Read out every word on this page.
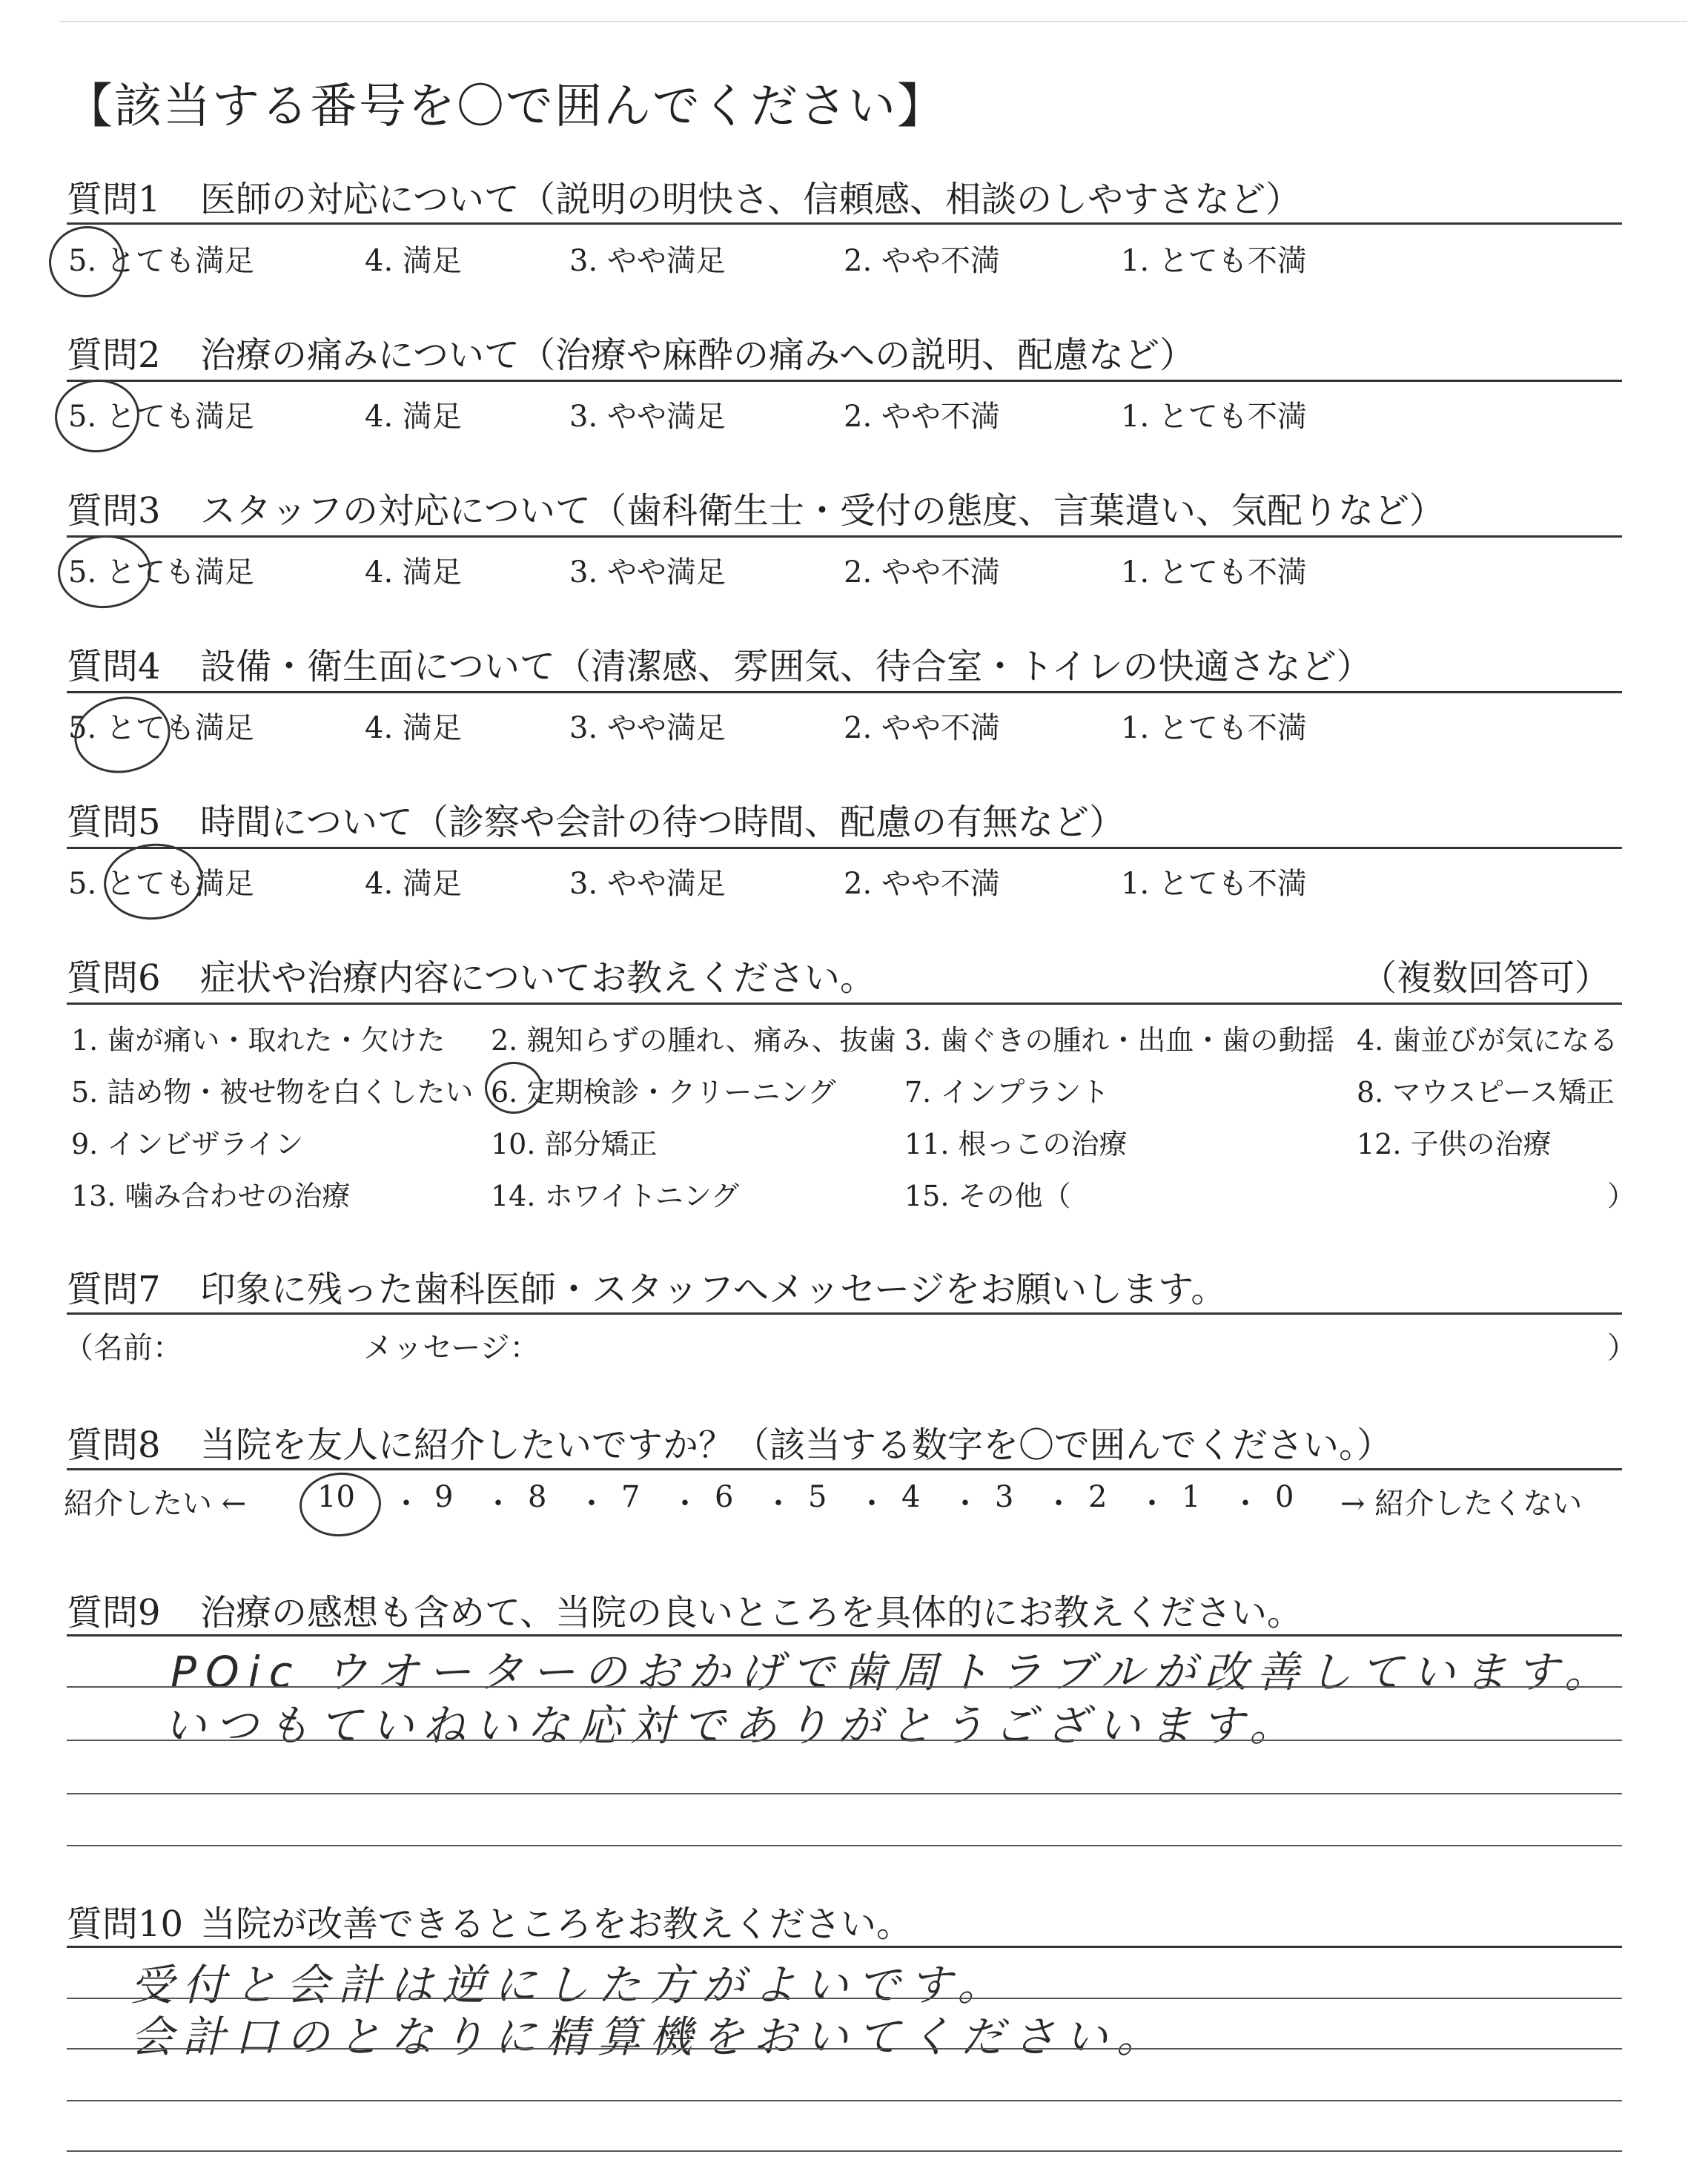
【該当する番号を〇で囲んでください】
質問1 医師の対応について（説明の明快さ、信頼感、相談のしやすさなど）
5. とても満足	4. 満足	3. やや満足	2. やや不満	1. とても不満
質問2 治療の痛みについて（治療や麻酔の痛みへの説明、配慮など）
5. とても満足	4. 満足	3. やや満足	2. やや不満	1. とても不満
質問3 スタッフの対応について（歯科衛生士・受付の態度、言葉遣い、気配りなど）
5. とても満足	4. 満足	3. やや満足	2. やや不満	1. とても不満
質問4 設備・衛生面について（清潔感、雰囲気、待合室・トイレの快適さなど）
5. とても満足	4. 満足	3. やや満足	2. やや不満	1. とても不満
質問5 時間について（診察や会計の待つ時間、配慮の有無など）
5. とても満足	4. 満足	3. やや満足	2. やや不満	1. とても不満
質問6 症状や治療内容についてお教えください。	（複数回答可）
1. 歯が痛い・取れた・欠けた 2. 親知らずの腫れ、痛み、抜歯 3. 歯ぐきの腫れ・出血・歯の動揺 4. 歯並びが気になる
5. 詰め物・被せ物を白くしたい 6. 定期検診・クリーニング 7. インプラント	8. マウスピース矯正
9. インビザライン	10. 部分矯正	11. 根っこの治療	12. 子供の治療
13. 噛み合わせの治療	14. ホワイトニング	15. その他（	）
質問7 印象に残った歯科医師・スタッフへメッセージをお願いします。
（名前：	メッセージ：	）
質問8 当院を友人に紹介したいですか？（該当する数字を〇で囲んでください。）
紹介したい ← 10 ・ 9 ・ 8 ・ 7 ・ 6 ・ 5 ・ 4 ・ 3 ・ 2 ・ 1 ・ 0 → 紹介したくない
質問9 治療の感想も含めて、当院の良いところを具体的にお教えください。
POic ウオーターのおかげで歯周トラブルが改善しています。
いつもていねいな応対でありがとうございます。
質問10 当院が改善できるところをお教えください。
受付と会計は逆にした方がよいです。
会計口のとなりに精算機をおいてください。
